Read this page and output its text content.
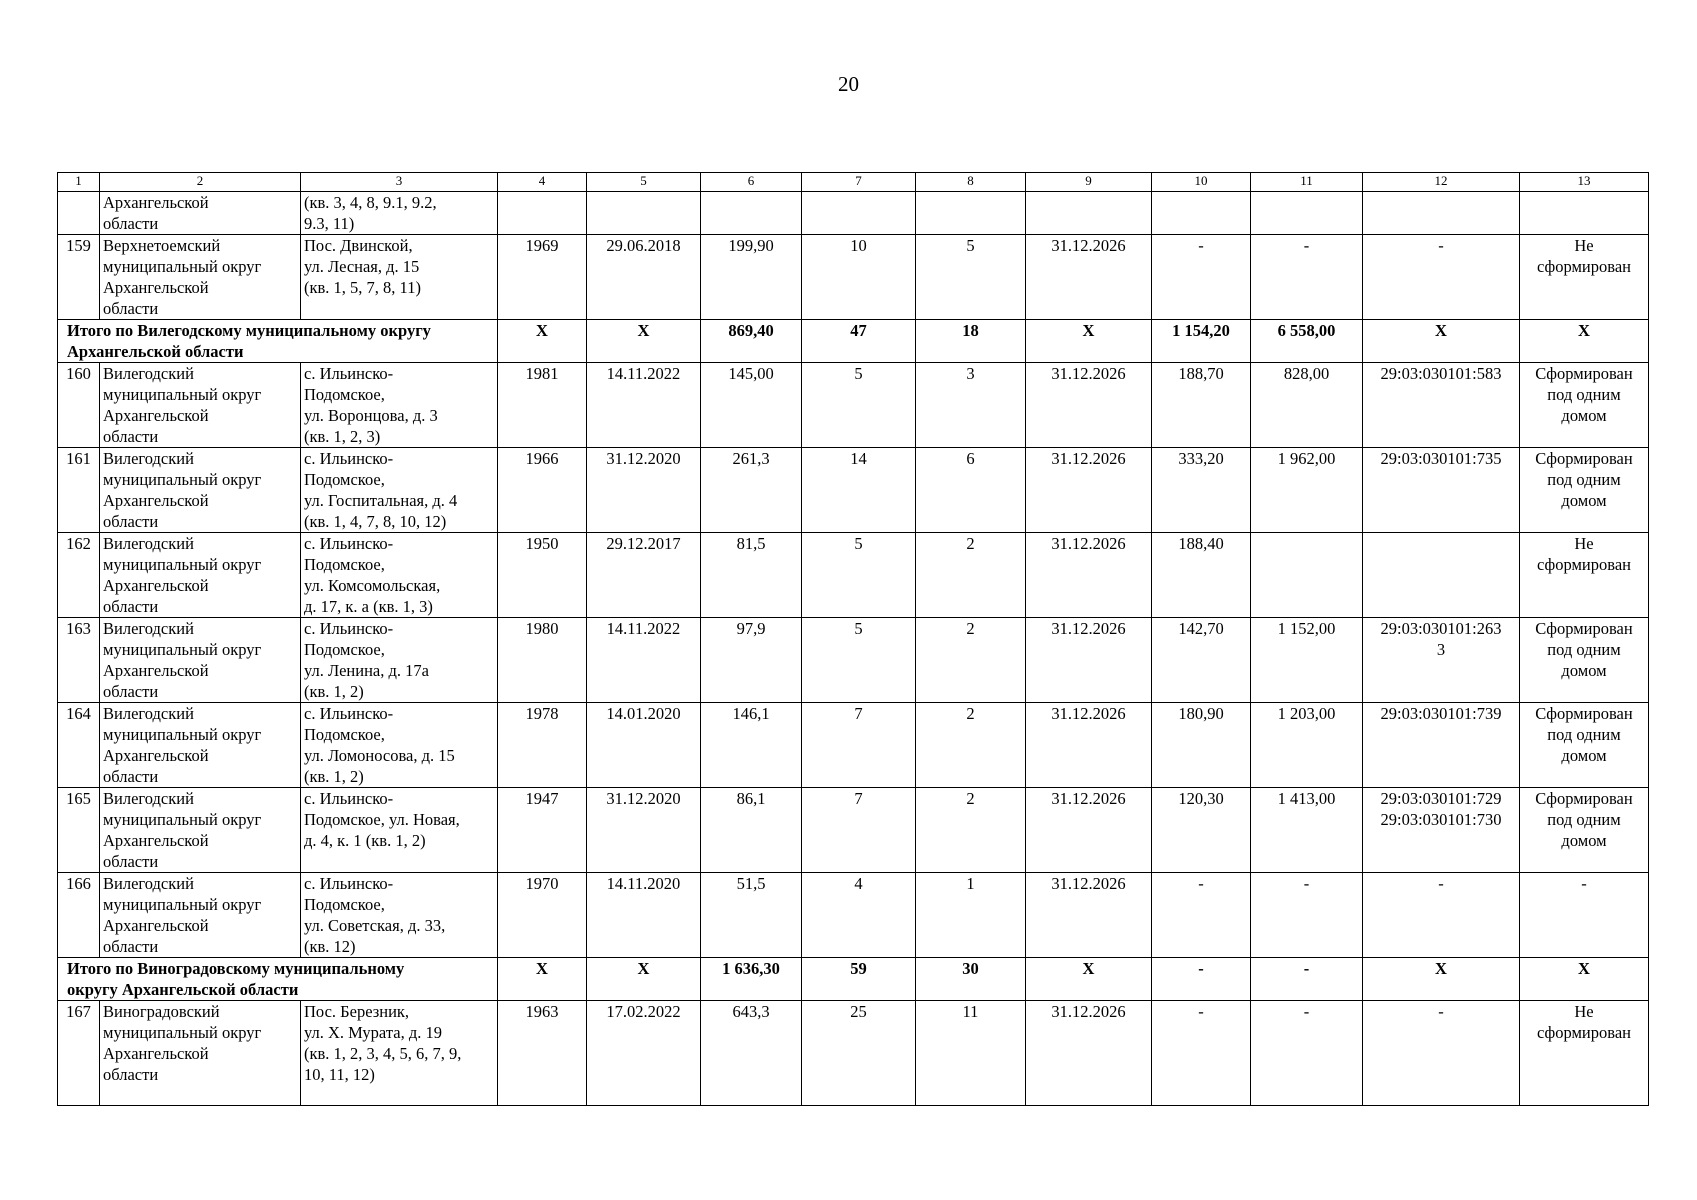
20
1	2	3	4	5	6	7	8	9	10	11	12	13
	Архангельской
области	(кв. 3, 4, 8, 9.1, 9.2,
9.3, 11)										
159	Верхнетоемский
муниципальный округ
Архангельской
области	Пос. Двинской,
ул. Лесная, д. 15
(кв. 1, 5, 7, 8, 11)	1969	29.06.2018	199,90	10	5	31.12.2026	-	-	-	Не
сформирован
Итого по Вилегодскому муниципальному округу
Архангельской области			Х	Х	869,40	47	18	Х	1 154,20	6 558,00	Х	Х
160	Вилегодский
муниципальный округ
Архангельской
области	с. Ильинско-
Подомское,
ул. Воронцова, д. 3
(кв. 1, 2, 3)	1981	14.11.2022	145,00	5	3	31.12.2026	188,70	828,00	29:03:030101:583	Сформирован
под одним
домом
161	Вилегодский
муниципальный округ
Архангельской
области	с. Ильинско-
Подомское,
ул. Госпитальная, д. 4
(кв. 1, 4, 7, 8, 10, 12)	1966	31.12.2020	261,3	14	6	31.12.2026	333,20	1 962,00	29:03:030101:735	Сформирован
под одним
домом
162	Вилегодский
муниципальный округ
Архангельской
области	с. Ильинско-
Подомское,
ул. Комсомольская,
д. 17, к. а (кв. 1, 3)	1950	29.12.2017	81,5	5	2	31.12.2026	188,40			Не
сформирован
163	Вилегодский
муниципальный округ
Архангельской
области	с. Ильинско-
Подомское,
ул. Ленина, д. 17а
(кв. 1, 2)	1980	14.11.2022	97,9	5	2	31.12.2026	142,70	1 152,00	29:03:030101:263
3	Сформирован
под одним
домом
164	Вилегодский
муниципальный округ
Архангельской
области	с. Ильинско-
Подомское,
ул. Ломоносова, д. 15
(кв. 1, 2)	1978	14.01.2020	146,1	7	2	31.12.2026	180,90	1 203,00	29:03:030101:739	Сформирован
под одним
домом
165	Вилегодский
муниципальный округ
Архангельской
области	с. Ильинско-
Подомское, ул. Новая,
д. 4, к. 1 (кв. 1, 2)	1947	31.12.2020	86,1	7	2	31.12.2026	120,30	1 413,00	29:03:030101:729
29:03:030101:730	Сформирован
под одним
домом
166	Вилегодский
муниципальный округ
Архангельской
области	с. Ильинско-
Подомское,
ул. Советская, д. 33,
(кв. 12)	1970	14.11.2020	51,5	4	1	31.12.2026	-	-	-	-
Итого по Виноградовскому муниципальному
округу Архангельской области			Х	Х	1 636,30	59	30	Х	-	-	Х	Х
167	Виноградовский
муниципальный округ
Архангельской
области	Пос. Березник,
ул. Х. Мурата, д. 19
(кв. 1, 2, 3, 4, 5, 6, 7, 9,
10, 11, 12)	1963	17.02.2022	643,3	25	11	31.12.2026	-	-	-	Не
сформирован
